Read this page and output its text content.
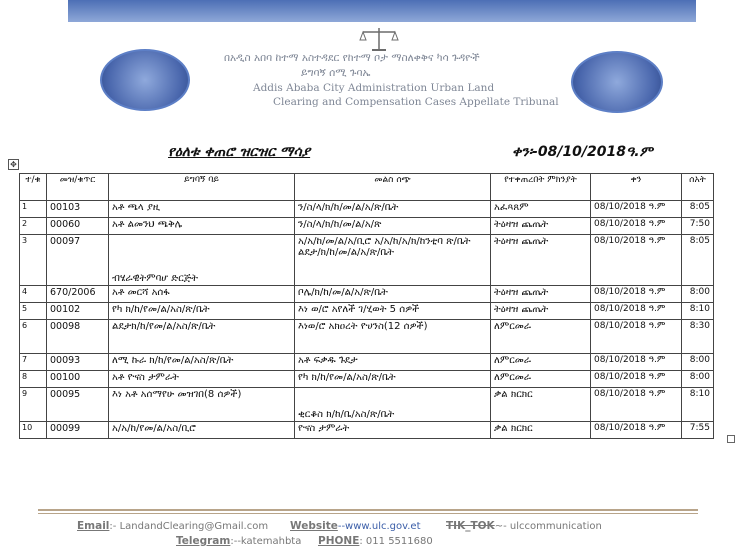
በአዲስ አበባ ከተማ አስተዳደር የከተማ ቦታ ማስለቀቅና ካሳ ጉዳዮች
ይግባኝ ሰሚ ጉባኤ
Addis Ababa City Administration Urban Land
Clearing and Compensation Cases Appellate Tribunal
✥
የዕለቱ ቀጠሮ ዝርዝር ማሳያ	ቀን፡-08/10/2018ዓ.ም
ተ/ቁ	መዝ/ቁጥር	ይግባኝ ባይ	መልስ ሰጭ	የተቀጠረበት ምክንያት	ቀን	ሰአት
1	00103	አቶ ጫላ ያዚ	ን/ስ/ላ/ክ/ከ/መ/ል/አ/ጽ/ቤት	አፈጻጸም	08/10/2018 ዓ.ም	8:05
2	00060	አቶ ልመንህ ጫቅሌ	ን/ስ/ላ/ክ/ከ/መ/ል/አ/ጽ	ትዕዛዝ ጨጤት	08/10/2018 ዓ.ም	7:50
3	00097	ብሄራዊትምባሆ ድርጅት	አ/አ/ከ/መ/ል/አ/ቢሮ አ/አ/ከ/አ/ክ/ከንቲባ ጽ/ቤት ልደታ/ክ/ከ/መ/ል/አ/ጽ/ቤት	ትዕዛዝ ጨጤት	08/10/2018 ዓ.ም	8:05
4	670/2006	አቶ መርሻ አሰፋ	ቦሌ/ክ/ከ/መ/ል/አ/ጽ/ቤት	ትዕዛዝ ጨጤት	08/10/2018 ዓ.ም	8:00
5	00102	የካ ክ/ከ/የመ/ል/አስ/ጽ/ቤት	እነ ወ/ሮ አየለች ገ/ሂወት 5 ሰዎች	ትዕዛዝ ጨጤት	08/10/2018 ዓ.ም	8:10
6	00098	ልደታክ/ከ/የመ/ል/አስ/ጽ/ቤት	እነወ/ሮ አክዐረት ዮሀንስ(12 ሰዎች)	ለምርመራ	08/10/2018 ዓ.ም	8:30
7	00093	ለሚ ኩራ ክ/ከ/የመ/ል/አስ/ጽ/ቤት	አቶ ፍቃዱ ጉደታ	ለምርመራ	08/10/2018 ዓ.ም	8:00
8	00100	አቶ ዮናስ ታምራት	የካ ክ/ከ/የመ/ል/አስ/ጽ/ቤት	ለምርመራ	08/10/2018 ዓ.ም	8:00
9	00095	እነ አቶ አሰማየሁ መዝገበ(8 ሰዎች)	ቂርቆስ ክ/ከ/ቤ/አስ/ጽ/ቤት	ቃል ክርክር	08/10/2018 ዓ.ም	8:10
10	00099	አ/አ/ከ/የመ/ል/አስ/ቢሮ	ዮናስ ታምራት	ቃል ክርክር	08/10/2018 ዓ.ም	7:55
Email:- LandandClearing@Gmail.com Website--www.ulc.gov.et TIK_TOK~- ulccommunication
Telegram:--katemahbta PHONE: 011 5511680
